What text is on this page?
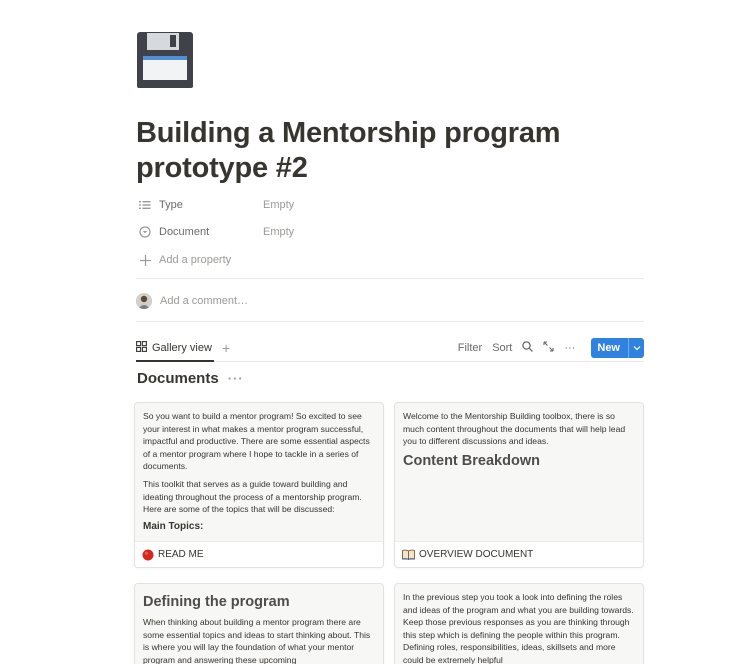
Building a Mentorship program prototype #2
Type	Empty
Document	Empty
Add a property
Add a comment…
Gallery view +	Filter Sort	···	New
Documents ···

So you want to build a mentor program! So excited to see your interest in what makes a mentor program successful, impactful and productive. There are some essential aspects of a mentor program where I hope to tackle in a series of documents.

This toolkit that serves as a guide toward building and ideating throughout the process of a mentorship program. Here are some of the topics that will be discussed:

Main Topics:
READ ME

Welcome to the Mentorship Building toolbox, there is so much content throughout the documents that will help lead you to different discussions and ideas.

Content Breakdown
OVERVIEW DOCUMENT
Defining the program

When thinking about building a mentor program there are some essential topics and ideas to start thinking about. This is where you will lay the foundation of what your mentor program and answering these upcoming

In the previous step you took a look into defining the roles and ideas of the program and what you are building towards. Keep those previous responses as you are thinking through this step which is defining the people within this program. Defining roles, responsibilities, ideas, skillsets and more could be extremely helpful
